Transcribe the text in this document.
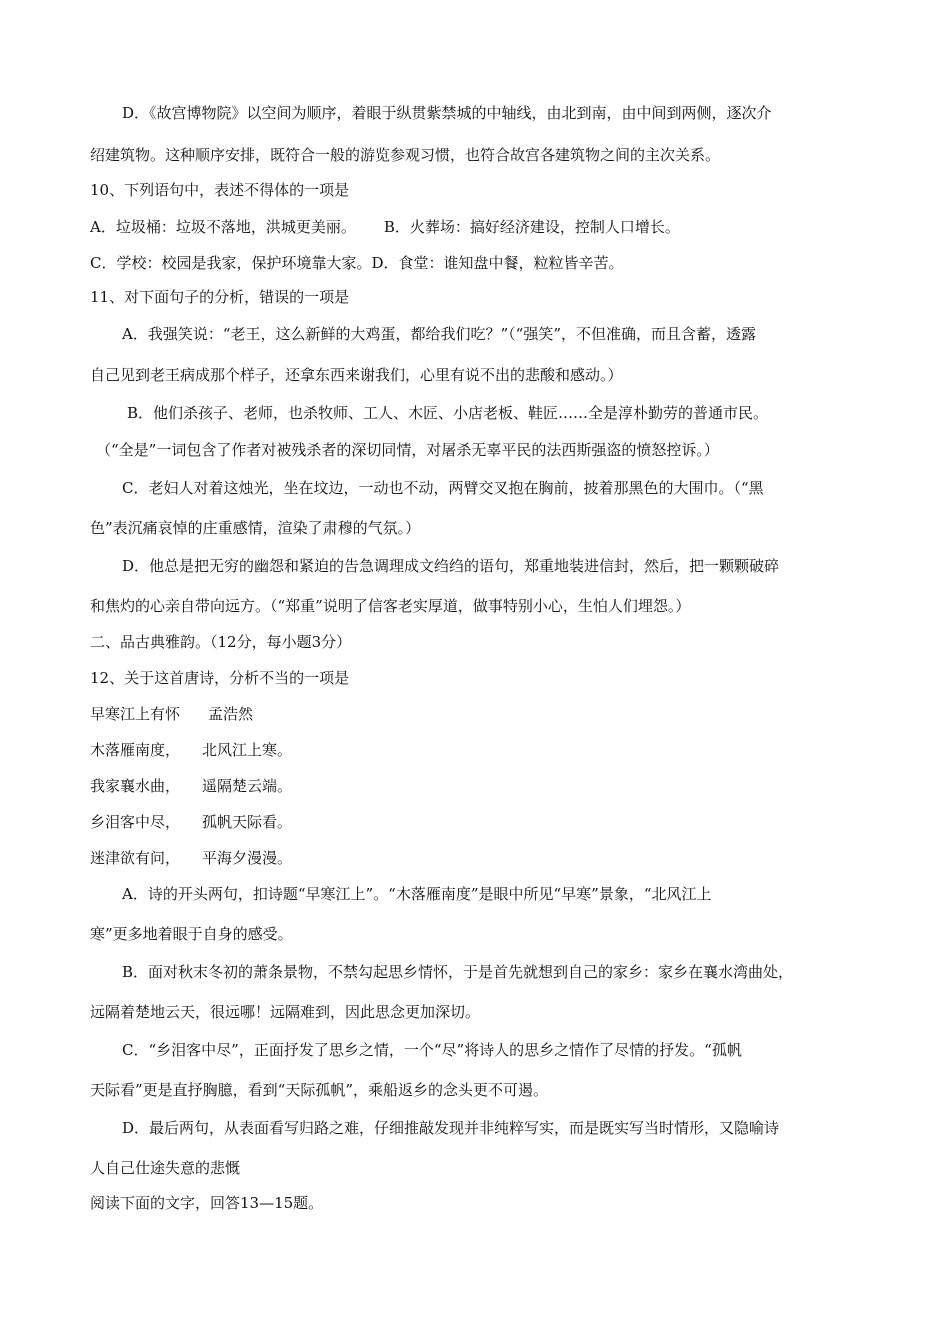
D．《故宫博物院》以空间为顺序，着眼于纵贯紫禁城的中轴线，由北到南，由中间到两侧，逐次介
绍建筑物。这种顺序安排，既符合一般的游览参观习惯，也符合故宫各建筑物之间的主次关系。
10、下列语句中，表述不得体的一项是
A．垃圾桶：垃圾不落地，洪城更美丽。 B．火葬场：搞好经济建设，控制人口增长。
C．学校：校园是我家，保护环境靠大家。D．食堂：谁知盘中餐，粒粒皆辛苦。
11、对下面句子的分析，错误的一项是
A．我强笑说：“老王，这么新鲜的大鸡蛋，都给我们吃？”（“强笑”，不但准确，而且含蓄，透露
自己见到老王病成那个样子，还拿东西来谢我们，心里有说不出的悲酸和感动。）
B．他们杀孩子、老师，也杀牧师、工人、木匠、小店老板、鞋匠……全是淳朴勤劳的普通市民。
（“全是”一词包含了作者对被残杀者的深切同情，对屠杀无辜平民的法西斯强盗的愤怒控诉。）
C．老妇人对着这烛光，坐在坟边，一动也不动，两臂交叉抱在胸前，披着那黑色的大围巾。（“黑
色”表沉痛哀悼的庄重感情，渲染了肃穆的气氛。）
D．他总是把无穷的幽怨和紧迫的告急调理成文绉绉的语句，郑重地装进信封，然后，把一颗颗破碎
和焦灼的心亲自带向远方。（“郑重”说明了信客老实厚道，做事特别小心，生怕人们埋怨。）
二、品古典雅韵。（12分，每小题3分）
12、关于这首唐诗，分析不当的一项是
早寒江上有怀 孟浩然
木落雁南度， 北风江上寒。
我家襄水曲， 遥隔楚云端。
乡泪客中尽， 孤帆天际看。
迷津欲有问， 平海夕漫漫。
A．诗的开头两句，扣诗题“早寒江上”。“木落雁南度”是眼中所见“早寒”景象，“北风江上
寒”更多地着眼于自身的感受。
B．面对秋末冬初的萧条景物，不禁勾起思乡情怀，于是首先就想到自己的家乡：家乡在襄水湾曲处，
远隔着楚地云天，很远哪！远隔难到，因此思念更加深切。
C．“乡泪客中尽”，正面抒发了思乡之情，一个“尽”将诗人的思乡之情作了尽情的抒发。“孤帆
天际看”更是直抒胸臆，看到“天际孤帆”，乘船返乡的念头更不可遏。
D．最后两句，从表面看写归路之难，仔细推敲发现并非纯粹写实，而是既实写当时情形，又隐喻诗
人自己仕途失意的悲慨
阅读下面的文字，回答13—15题。
